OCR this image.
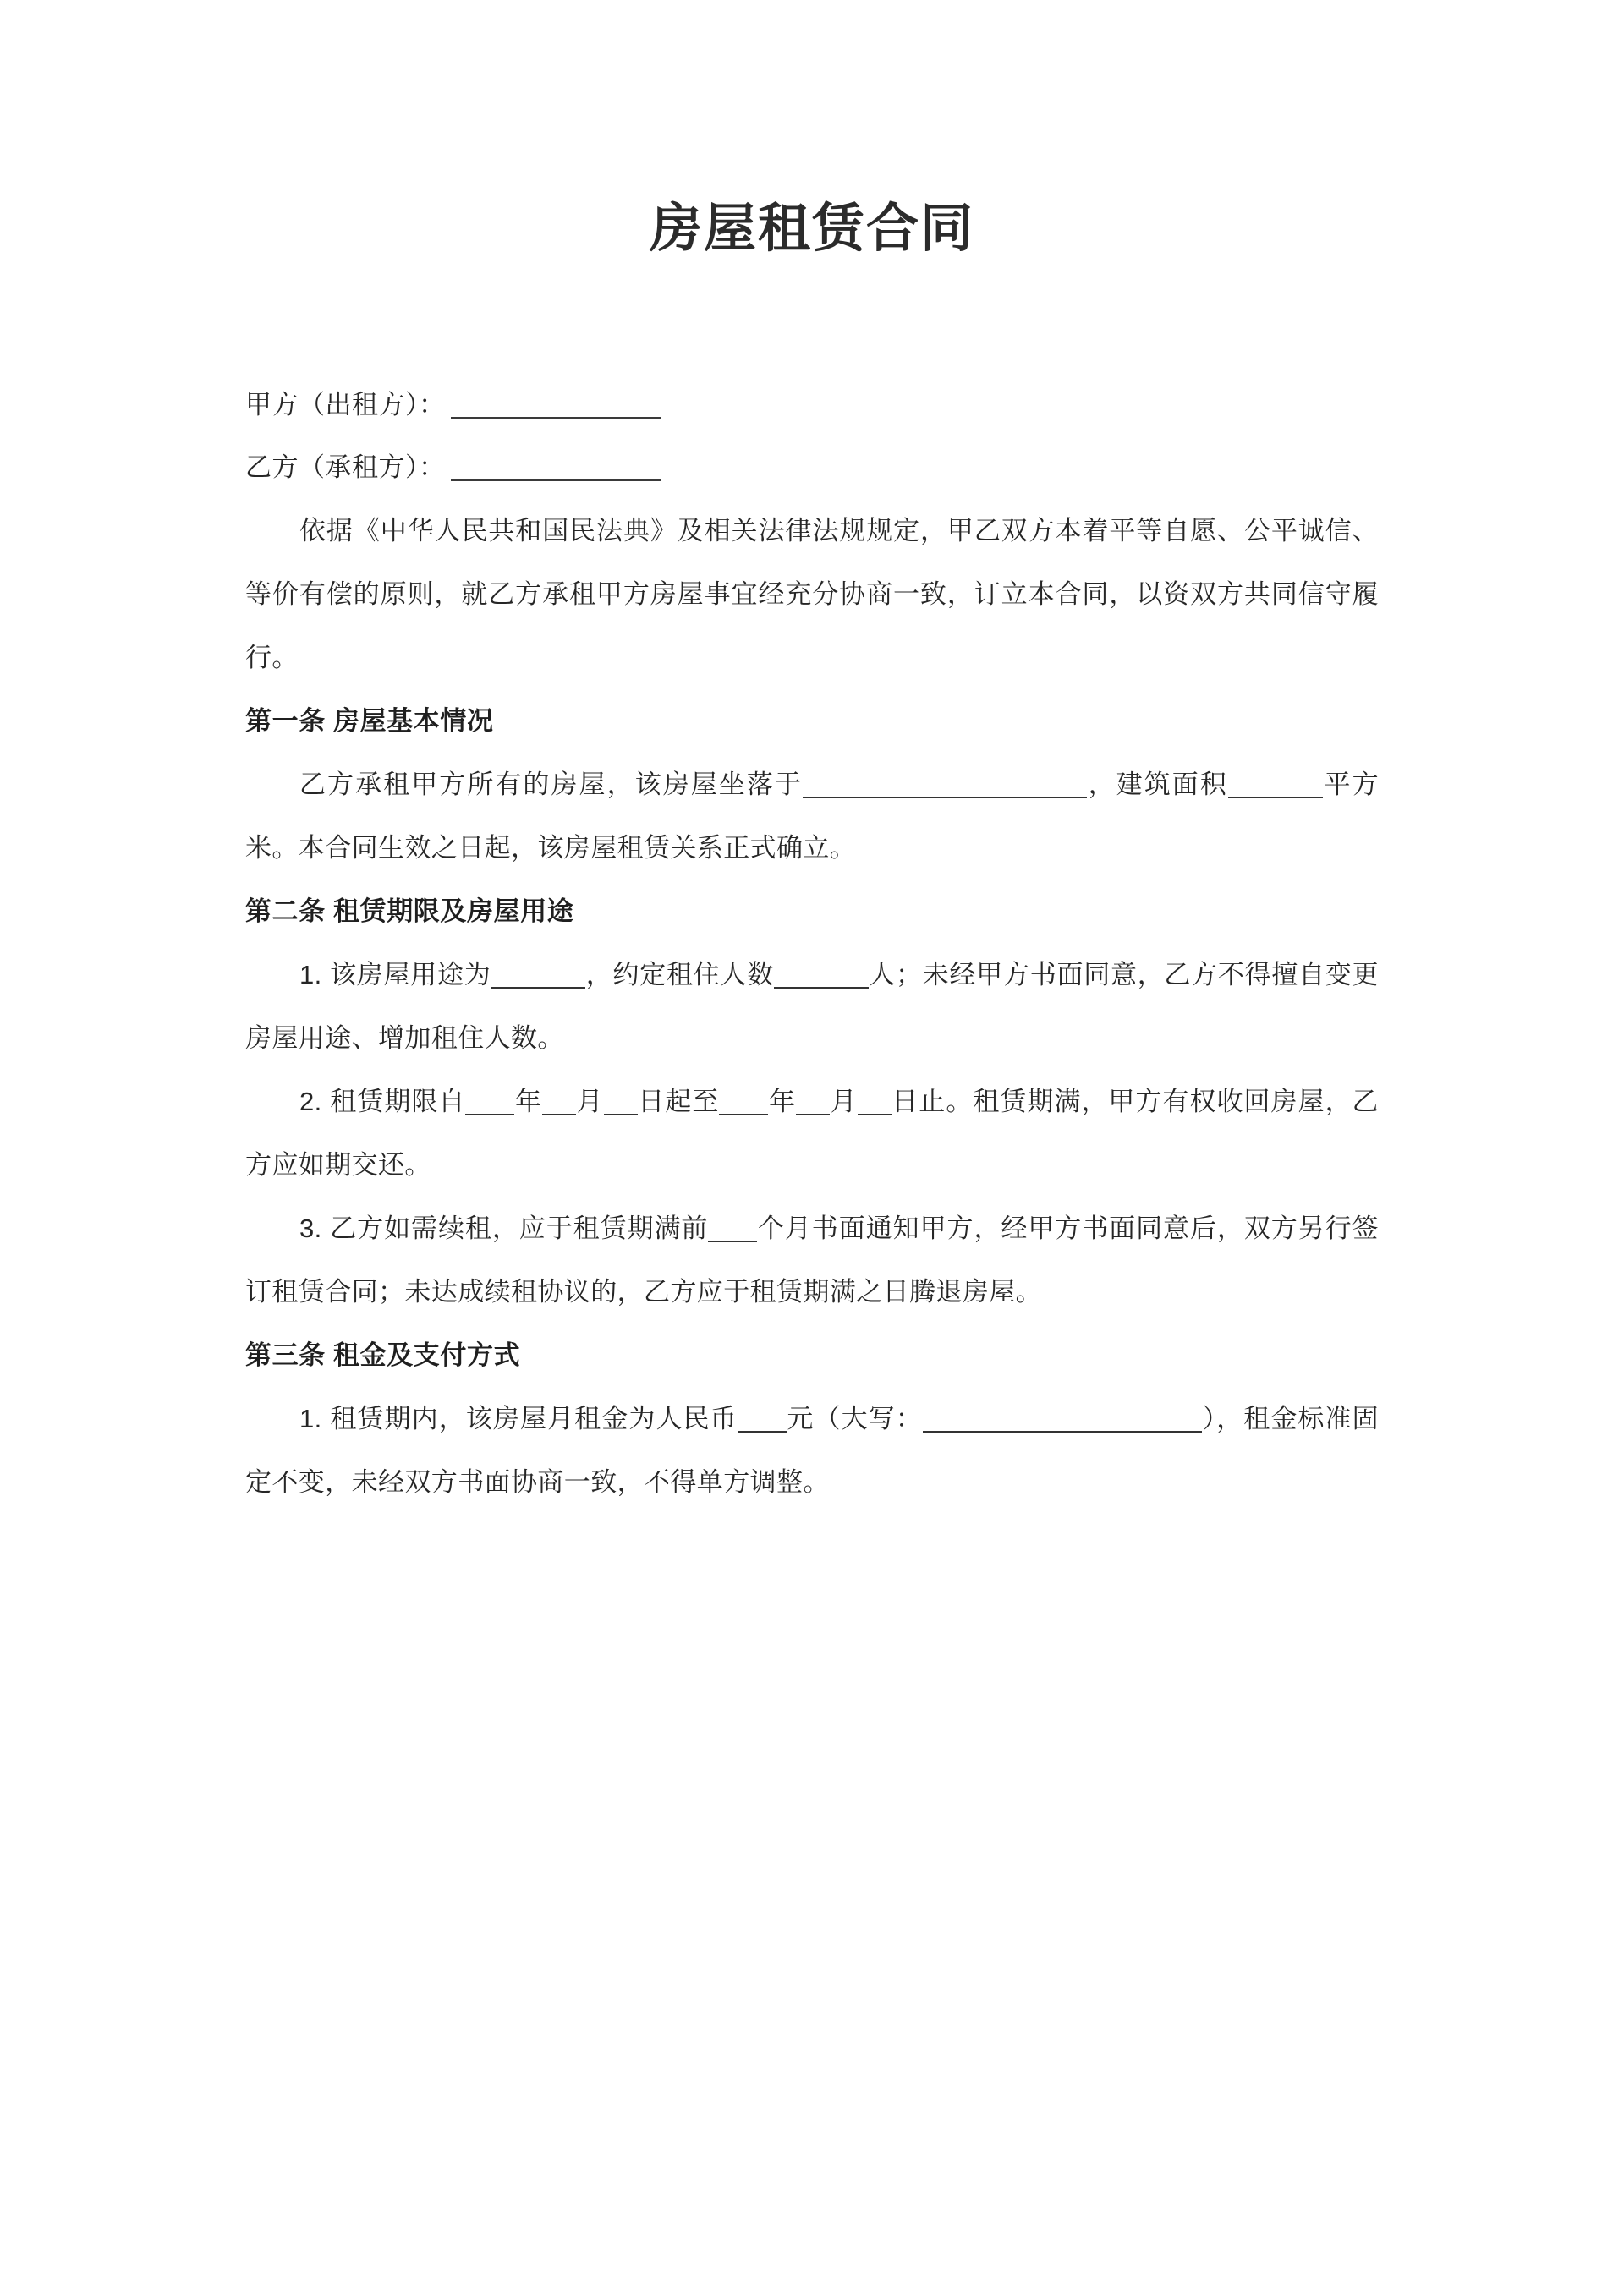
房屋租赁合同

甲方（出租方）：

乙方（承租方）：

依据《中华人民共和国民法典》及相关法律法规规定，甲乙双方本着平等自愿、公平诚信、等价有偿的原则，就乙方承租甲方房屋事宜经充分协商一致，订立本合同，以资双方共同信守履行。

第一条 房屋基本情况

乙方承租甲方所有的房屋，该房屋坐落于	，建筑面积	平方米。本合同生效之日起，该房屋租赁关系正式确立。

第二条 租赁期限及房屋用途

1. 该房屋用途为	，约定租住人数	人；未经甲方书面同意，乙方不得擅自变更房屋用途、增加租住人数。

2. 租赁期限自 年 月 日起至 年 月 日止。租赁期满，甲方有权收回房屋，乙方应如期交还。

3. 乙方如需续租，应于租赁期满前 个月书面通知甲方，经甲方书面同意后，双方另行签订租赁合同；未达成续租协议的，乙方应于租赁期满之日腾退房屋。

第三条 租金及支付方式

1. 租赁期内，该房屋月租金为人民币 元（大写：	），租金标准固定不变，未经双方书面协商一致，不得单方调整。
